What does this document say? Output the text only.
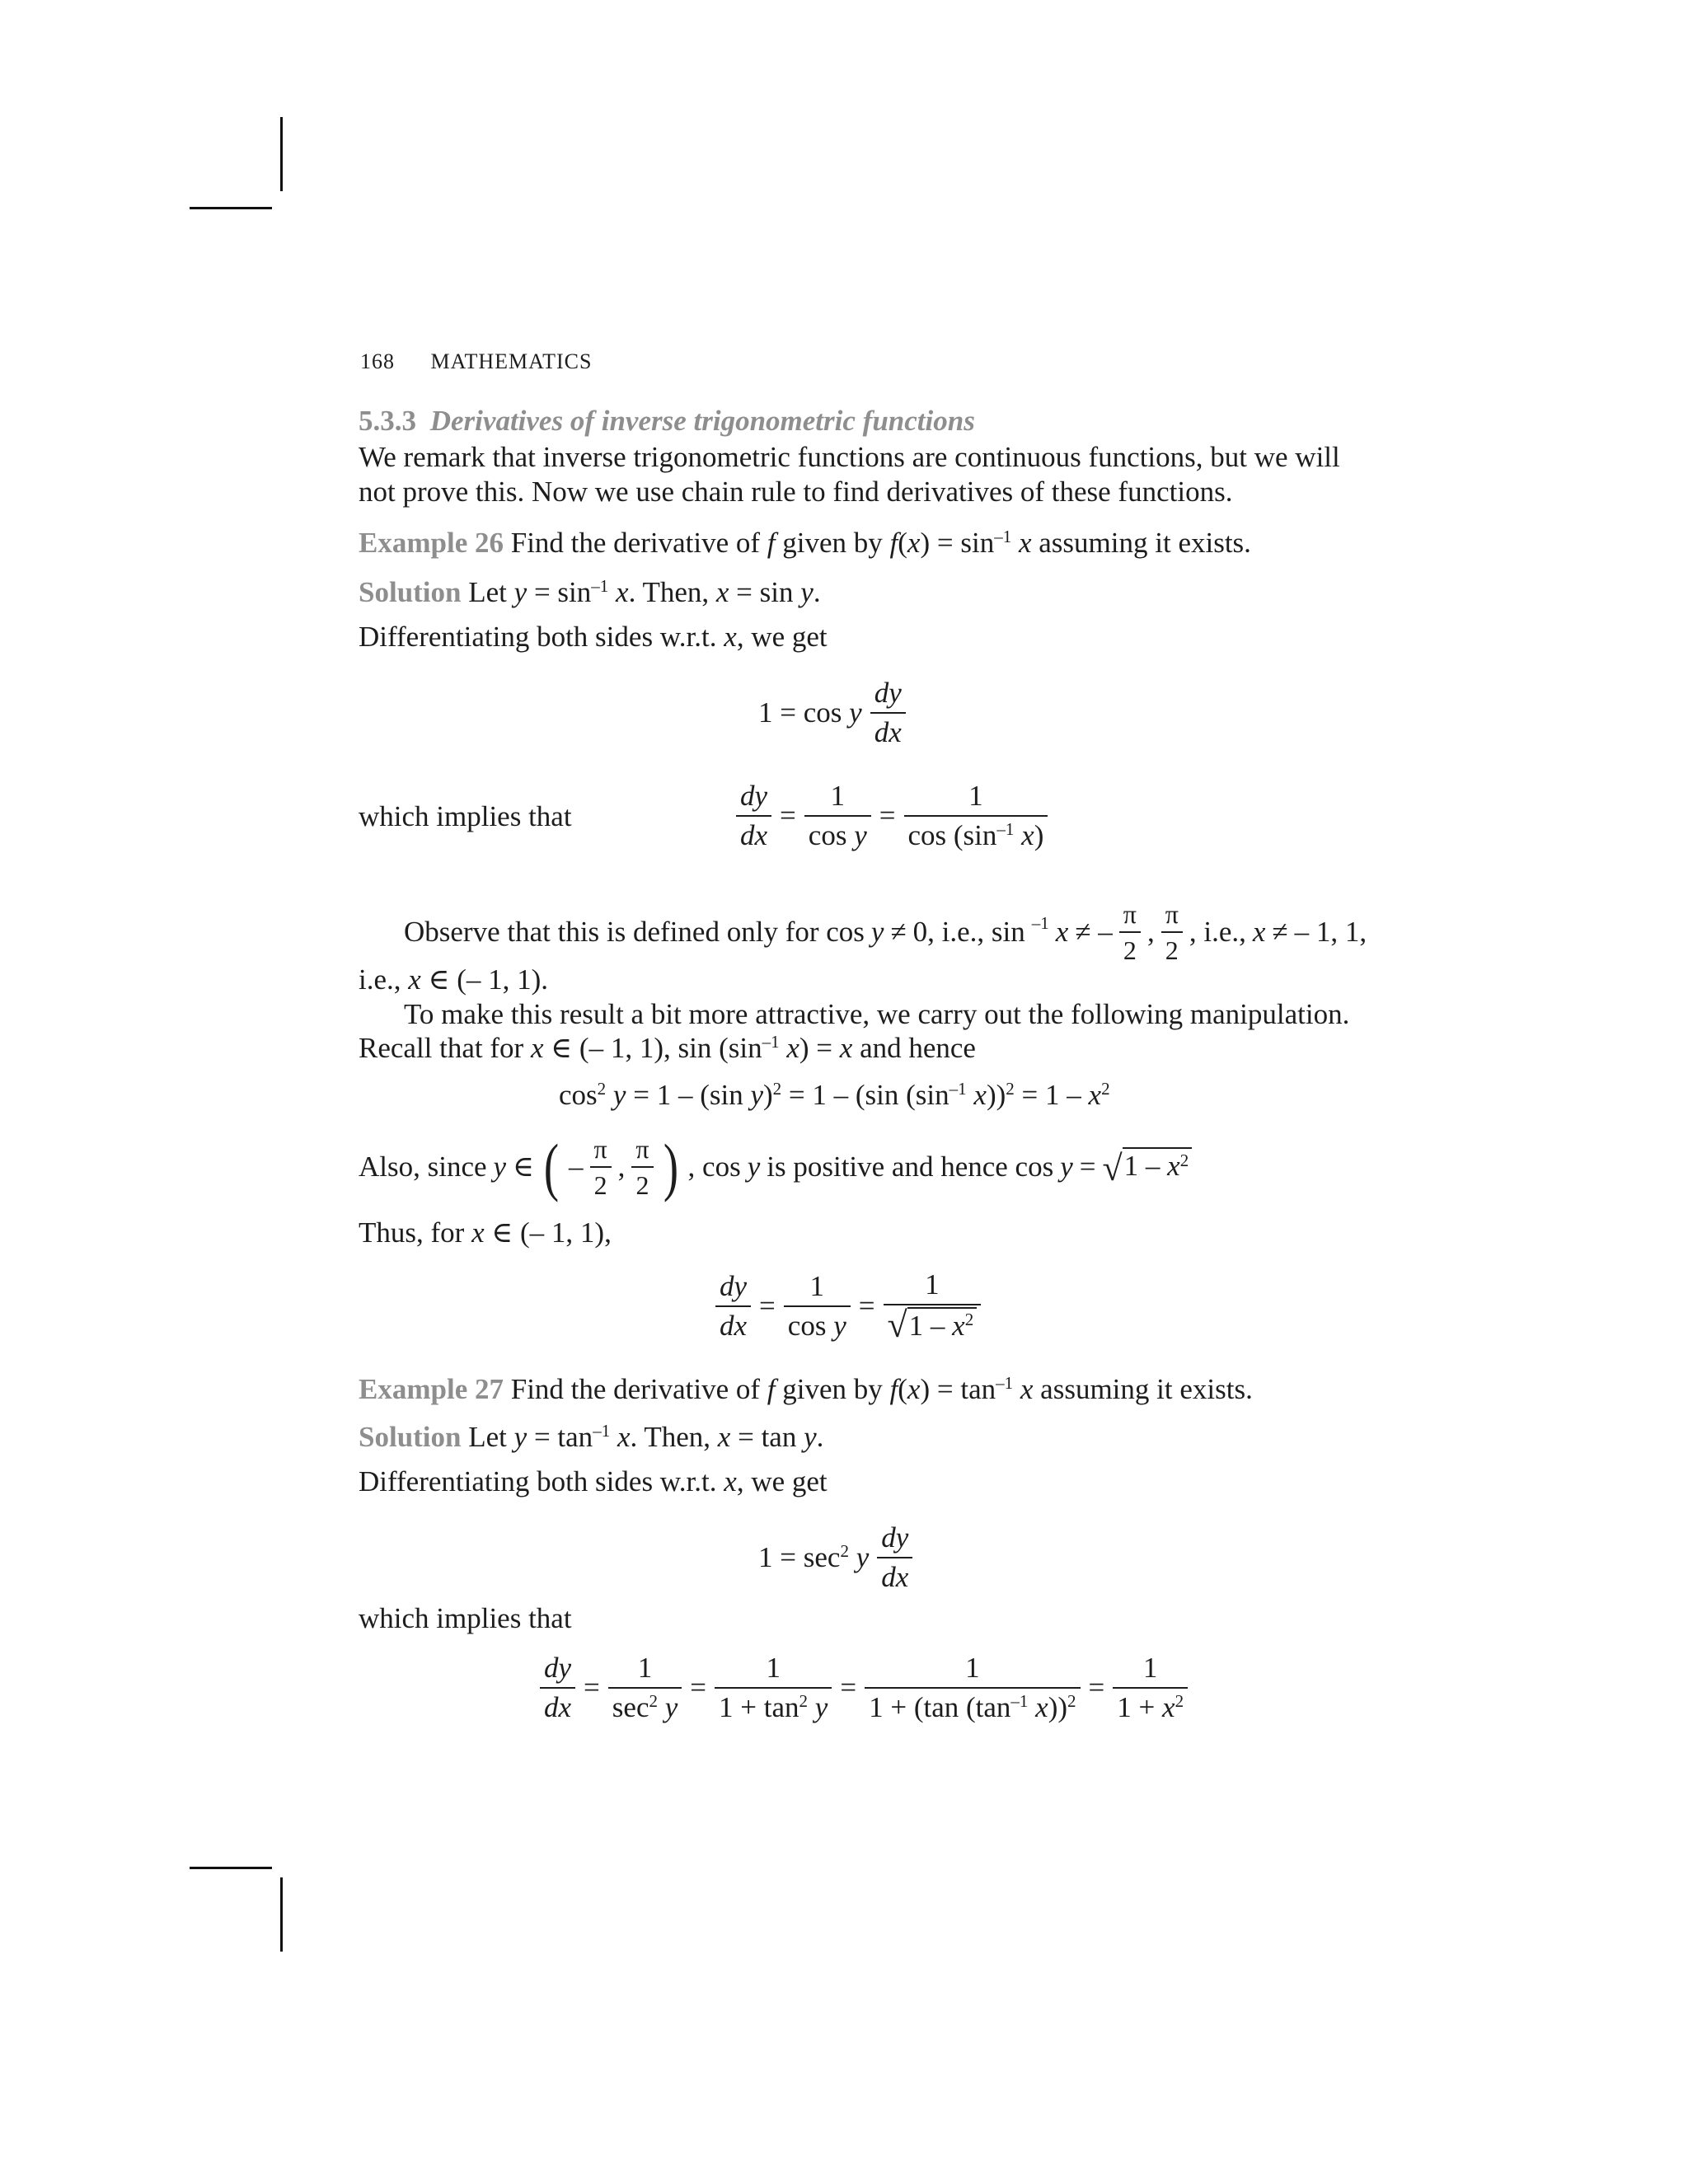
168 MATHEMATICS
5.3.3 Derivatives of inverse trigonometric functions
We remark that inverse trigonometric functions are continuous functions, but we will
not prove this. Now we use chain rule to find derivatives of these functions.
Example 26 Find the derivative of f given by $f(x) = \sin^{-1} x$ assuming it exists.
Solution Let $y = \sin^{-1} x$. Then, x = sin y.
Differentiating both sides w.r.t. x, we get
1 = cos y $\frac{dy}{dx}$
which implies that	$\frac{dy}{dx} = \frac{1}{\text{cos y}} = \frac{1}{\cos (\sin^{-1} x)}$
Observe that this is defined only for cos y ≠ 0, i.e., sin $^{-1}$ x ≠ – $\frac{\pi}{2}$ , $\frac{\pi}{2}$ , i.e., x ≠ – 1, 1,
i.e., x ∈ (– 1, 1).
To make this result a bit more attractive, we carry out the following manipulation.
Recall that for x ∈ (– 1, 1), $\sin (\sin^{-1}$ x) = x and hence
$\cos^2 y = 1 - (\sin$ y)$^2$ = 1 – (sin ($\sin^{-1}$ $x))^2 = 1 - x^2$
Also, since y ∈ ( – $\frac{\pi}{2}$ , $\frac{\pi}{2}$ ) , cos y is positive and hence cos y = √ $1 - x^2$
Thus, for x ∈ (– 1, 1),
$\frac{dy}{dx} = \frac{1}{\text{cos y}} = \frac{1}{√ 1 - x^2}$
Example 27 Find the derivative of f given by $f(x) = \tan^{-1} x$ assuming it exists.
Solution Let $y = \tan^{-1} x$. Then, x = tan y.
Differentiating both sides w.r.t. x, we get
$1 = \sec^2 y \frac{dy}{dx}$
which implies that
$\frac{dy}{dx} = \frac{1}{\sec^2 y} = \frac{1}{1 + \tan^2 y} = \frac{1}{1 + (\tan (\tan^{-1} x))^2} = \frac{1}{1 + x^2}$
